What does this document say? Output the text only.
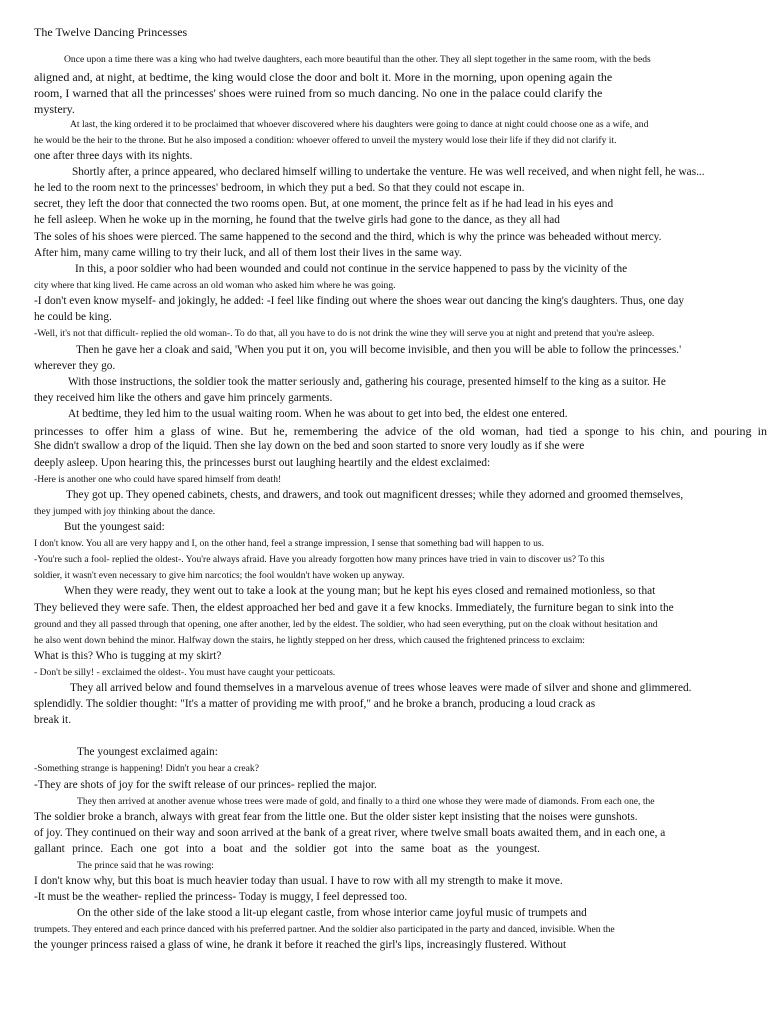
The Twelve Dancing Princesses
Once upon a time there was a king who had twelve daughters, each more beautiful than the other. They all slept together in the same room, with the beds
aligned and, at night, at bedtime, the king would close the door and bolt it. More in the morning, upon opening again the
room, I warned that all the princesses' shoes were ruined from so much dancing. No one in the palace could clarify the
mystery.
At last, the king ordered it to be proclaimed that whoever discovered where his daughters were going to dance at night could choose one as a wife, and
he would be the heir to the throne. But he also imposed a condition: whoever offered to unveil the mystery would lose their life if they did not clarify it.
one after three days with its nights.
Shortly after, a prince appeared, who declared himself willing to undertake the venture. He was well received, and when night fell, he was...
he led to the room next to the princesses' bedroom, in which they put a bed. So that they could not escape in.
secret, they left the door that connected the two rooms open. But, at one moment, the prince felt as if he had lead in his eyes and
he fell asleep. When he woke up in the morning, he found that the twelve girls had gone to the dance, as they all had
The soles of his shoes were pierced. The same happened to the second and the third, which is why the prince was beheaded without mercy.
After him, many came willing to try their luck, and all of them lost their lives in the same way.
In this, a poor soldier who had been wounded and could not continue in the service happened to pass by the vicinity of the
city where that king lived. He came across an old woman who asked him where he was going.
-I don't even know myself- and jokingly, he added: -I feel like finding out where the shoes wear out dancing the king's daughters. Thus, one day
he could be king.
-Well, it's not that difficult- replied the old woman-. To do that, all you have to do is not drink the wine they will serve you at night and pretend that you're asleep.
Then he gave her a cloak and said, 'When you put it on, you will become invisible, and then you will be able to follow the princesses.'
wherever they go.
With those instructions, the soldier took the matter seriously and, gathering his courage, presented himself to the king as a suitor. He
they received him like the others and gave him princely garments.
At bedtime, they led him to the usual waiting room. When he was about to get into bed, the eldest one entered.
princesses to offer him a glass of wine. But he, remembering the advice of the old woman, had tied a sponge to his chin, and pouring in
She didn't swallow a drop of the liquid. Then she lay down on the bed and soon started to snore very loudly as if she were
deeply asleep. Upon hearing this, the princesses burst out laughing heartily and the eldest exclaimed:
-Here is another one who could have spared himself from death!
They got up. They opened cabinets, chests, and drawers, and took out magnificent dresses; while they adorned and groomed themselves,
they jumped with joy thinking about the dance.
But the youngest said:
I don't know. You all are very happy and I, on the other hand, feel a strange impression, I sense that something bad will happen to us.
-You're such a fool- replied the oldest-. You're always afraid. Have you already forgotten how many princes have tried in vain to discover us? To this
soldier, it wasn't even necessary to give him narcotics; the fool wouldn't have woken up anyway.
When they were ready, they went out to take a look at the young man; but he kept his eyes closed and remained motionless, so that
They believed they were safe. Then, the eldest approached her bed and gave it a few knocks. Immediately, the furniture began to sink into the
ground and they all passed through that opening, one after another, led by the eldest. The soldier, who had seen everything, put on the cloak without hesitation and
he also went down behind the minor. Halfway down the stairs, he lightly stepped on her dress, which caused the frightened princess to exclaim:
What is this? Who is tugging at my skirt?
- Don't be silly! - exclaimed the oldest-. You must have caught your petticoats.
They all arrived below and found themselves in a marvelous avenue of trees whose leaves were made of silver and shone and glimmered.
splendidly. The soldier thought: "It's a matter of providing me with proof," and he broke a branch, producing a loud crack as
break it.
The youngest exclaimed again:
-Something strange is happening! Didn't you hear a creak?
-They are shots of joy for the swift release of our princes- replied the major.
They then arrived at another avenue whose trees were made of gold, and finally to a third one whose they were made of diamonds. From each one, the
The soldier broke a branch, always with great fear from the little one. But the older sister kept insisting that the noises were gunshots.
of joy. They continued on their way and soon arrived at the bank of a great river, where twelve small boats awaited them, and in each one, a
gallant prince. Each one got into a boat and the soldier got into the same boat as the youngest.
The prince said that he was rowing:
I don't know why, but this boat is much heavier today than usual. I have to row with all my strength to make it move.
-It must be the weather- replied the princess- Today is muggy, I feel depressed too.
On the other side of the lake stood a lit-up elegant castle, from whose interior came joyful music of trumpets and
trumpets. They entered and each prince danced with his preferred partner. And the soldier also participated in the party and danced, invisible. When the
the younger princess raised a glass of wine, he drank it before it reached the girl's lips, increasingly flustered. Without
